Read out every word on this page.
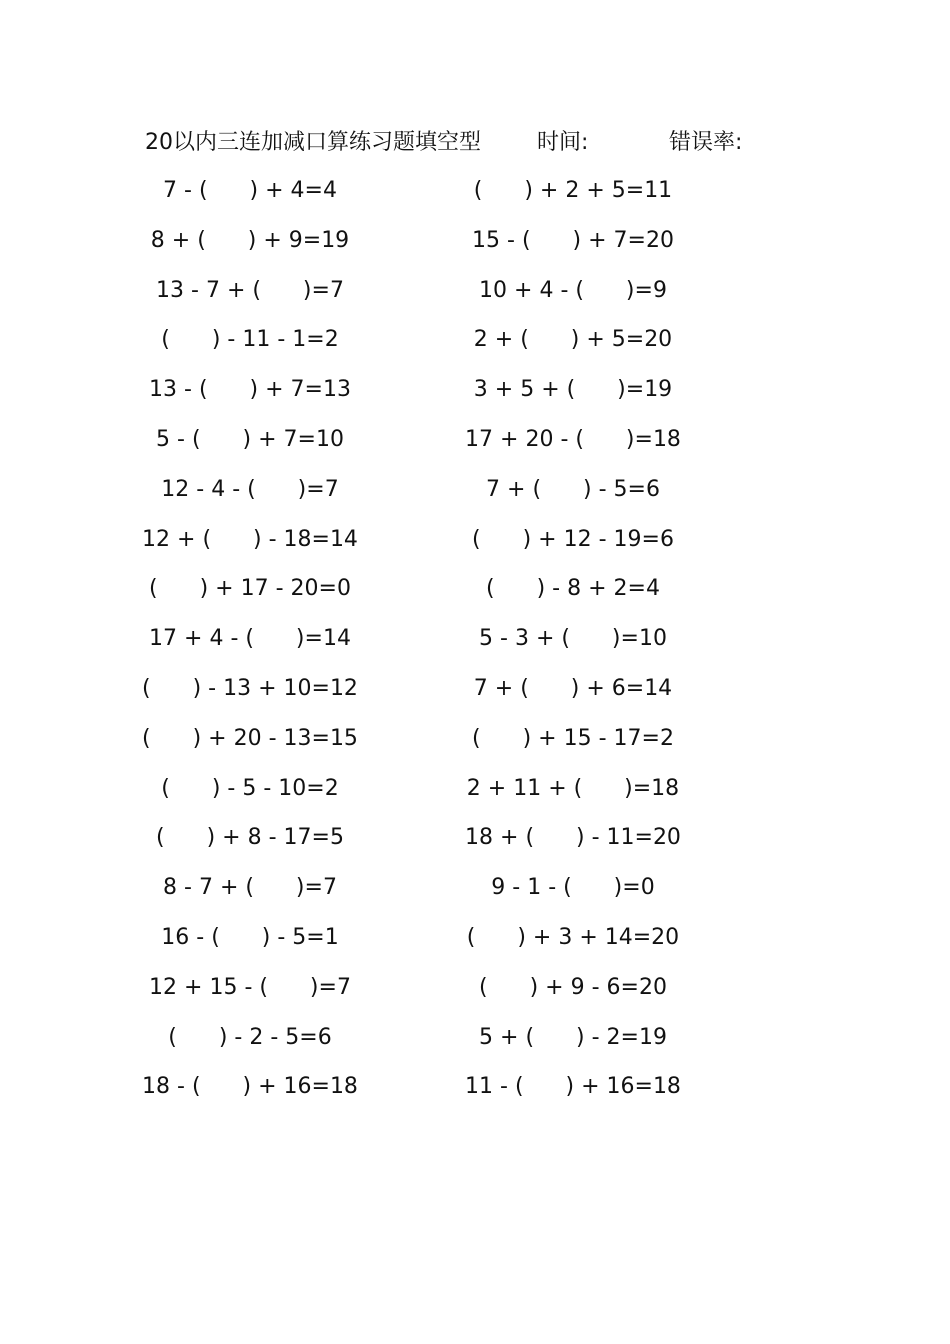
20以内三连加减口算练习题填空型	时间:	错误率:
7 - (      ) + 4=4	(      ) + 2 + 5=11
8 + (      ) + 9=19	15 - (      ) + 7=20
13 - 7 + (      )=7	10 + 4 - (      )=9
(      ) - 11 - 1=2	2 + (      ) + 5=20
13 - (      ) + 7=13	3 + 5 + (      )=19
5 - (      ) + 7=10	17 + 20 - (      )=18
12 - 4 - (      )=7	7 + (      ) - 5=6
12 + (      ) - 18=14	(      ) + 12 - 19=6
(      ) + 17 - 20=0	(      ) - 8 + 2=4
17 + 4 - (      )=14	5 - 3 + (      )=10
(      ) - 13 + 10=12	7 + (      ) + 6=14
(      ) + 20 - 13=15	(      ) + 15 - 17=2
(      ) - 5 - 10=2	2 + 11 + (      )=18
(      ) + 8 - 17=5	18 + (      ) - 11=20
8 - 7 + (      )=7	9 - 1 - (      )=0
16 - (      ) - 5=1	(      ) + 3 + 14=20
12 + 15 - (      )=7	(      ) + 9 - 6=20
(      ) - 2 - 5=6	5 + (      ) - 2=19
18 - (      ) + 16=18	11 - (      ) + 16=18
